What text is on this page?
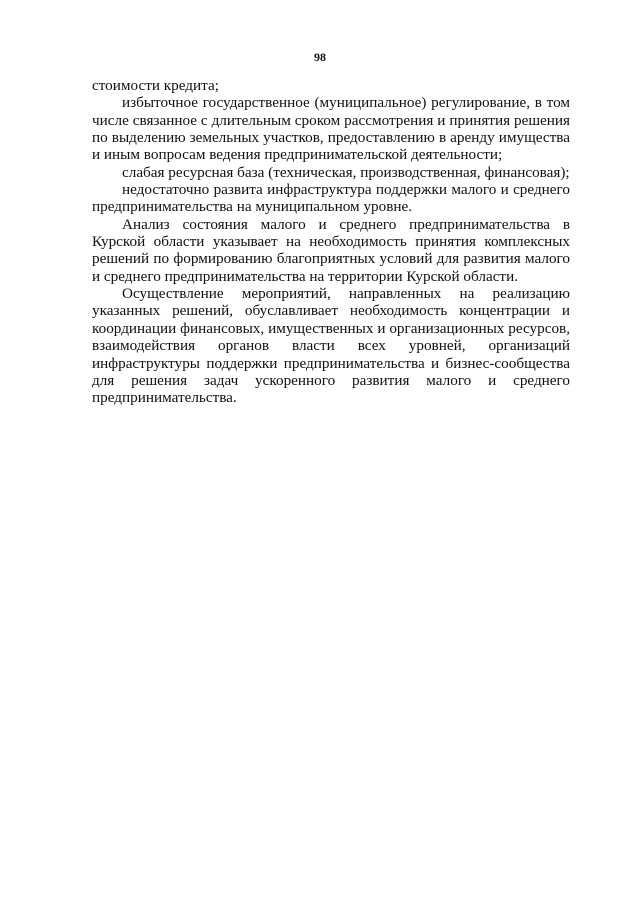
98

стоимости кредита;

избыточное государственное (муниципальное) регулирование, в том числе связанное с длительным сроком рассмотрения и принятия решения по выделению земельных участков, предоставлению в аренду имущества и иным вопросам ведения предпринимательской деятельности;

слабая ресурсная база (техническая, производственная, финансовая);

недостаточно развита инфраструктура поддержки малого и среднего предпринимательства на муниципальном уровне.

Анализ состояния малого и среднего предпринимательства в Курской области указывает на необходимость принятия комплексных решений по формированию благоприятных условий для развития малого и среднего предпринимательства на территории Курской области.

Осуществление мероприятий, направленных на реализацию указанных решений, обуславливает необходимость концентрации и координации финансовых, имущественных и организационных ресурсов, взаимодействия органов власти всех уровней, организаций инфраструктуры поддержки предпринимательства и бизнес-сообщества для решения задач ускоренного развития малого и среднего предпринимательства.
